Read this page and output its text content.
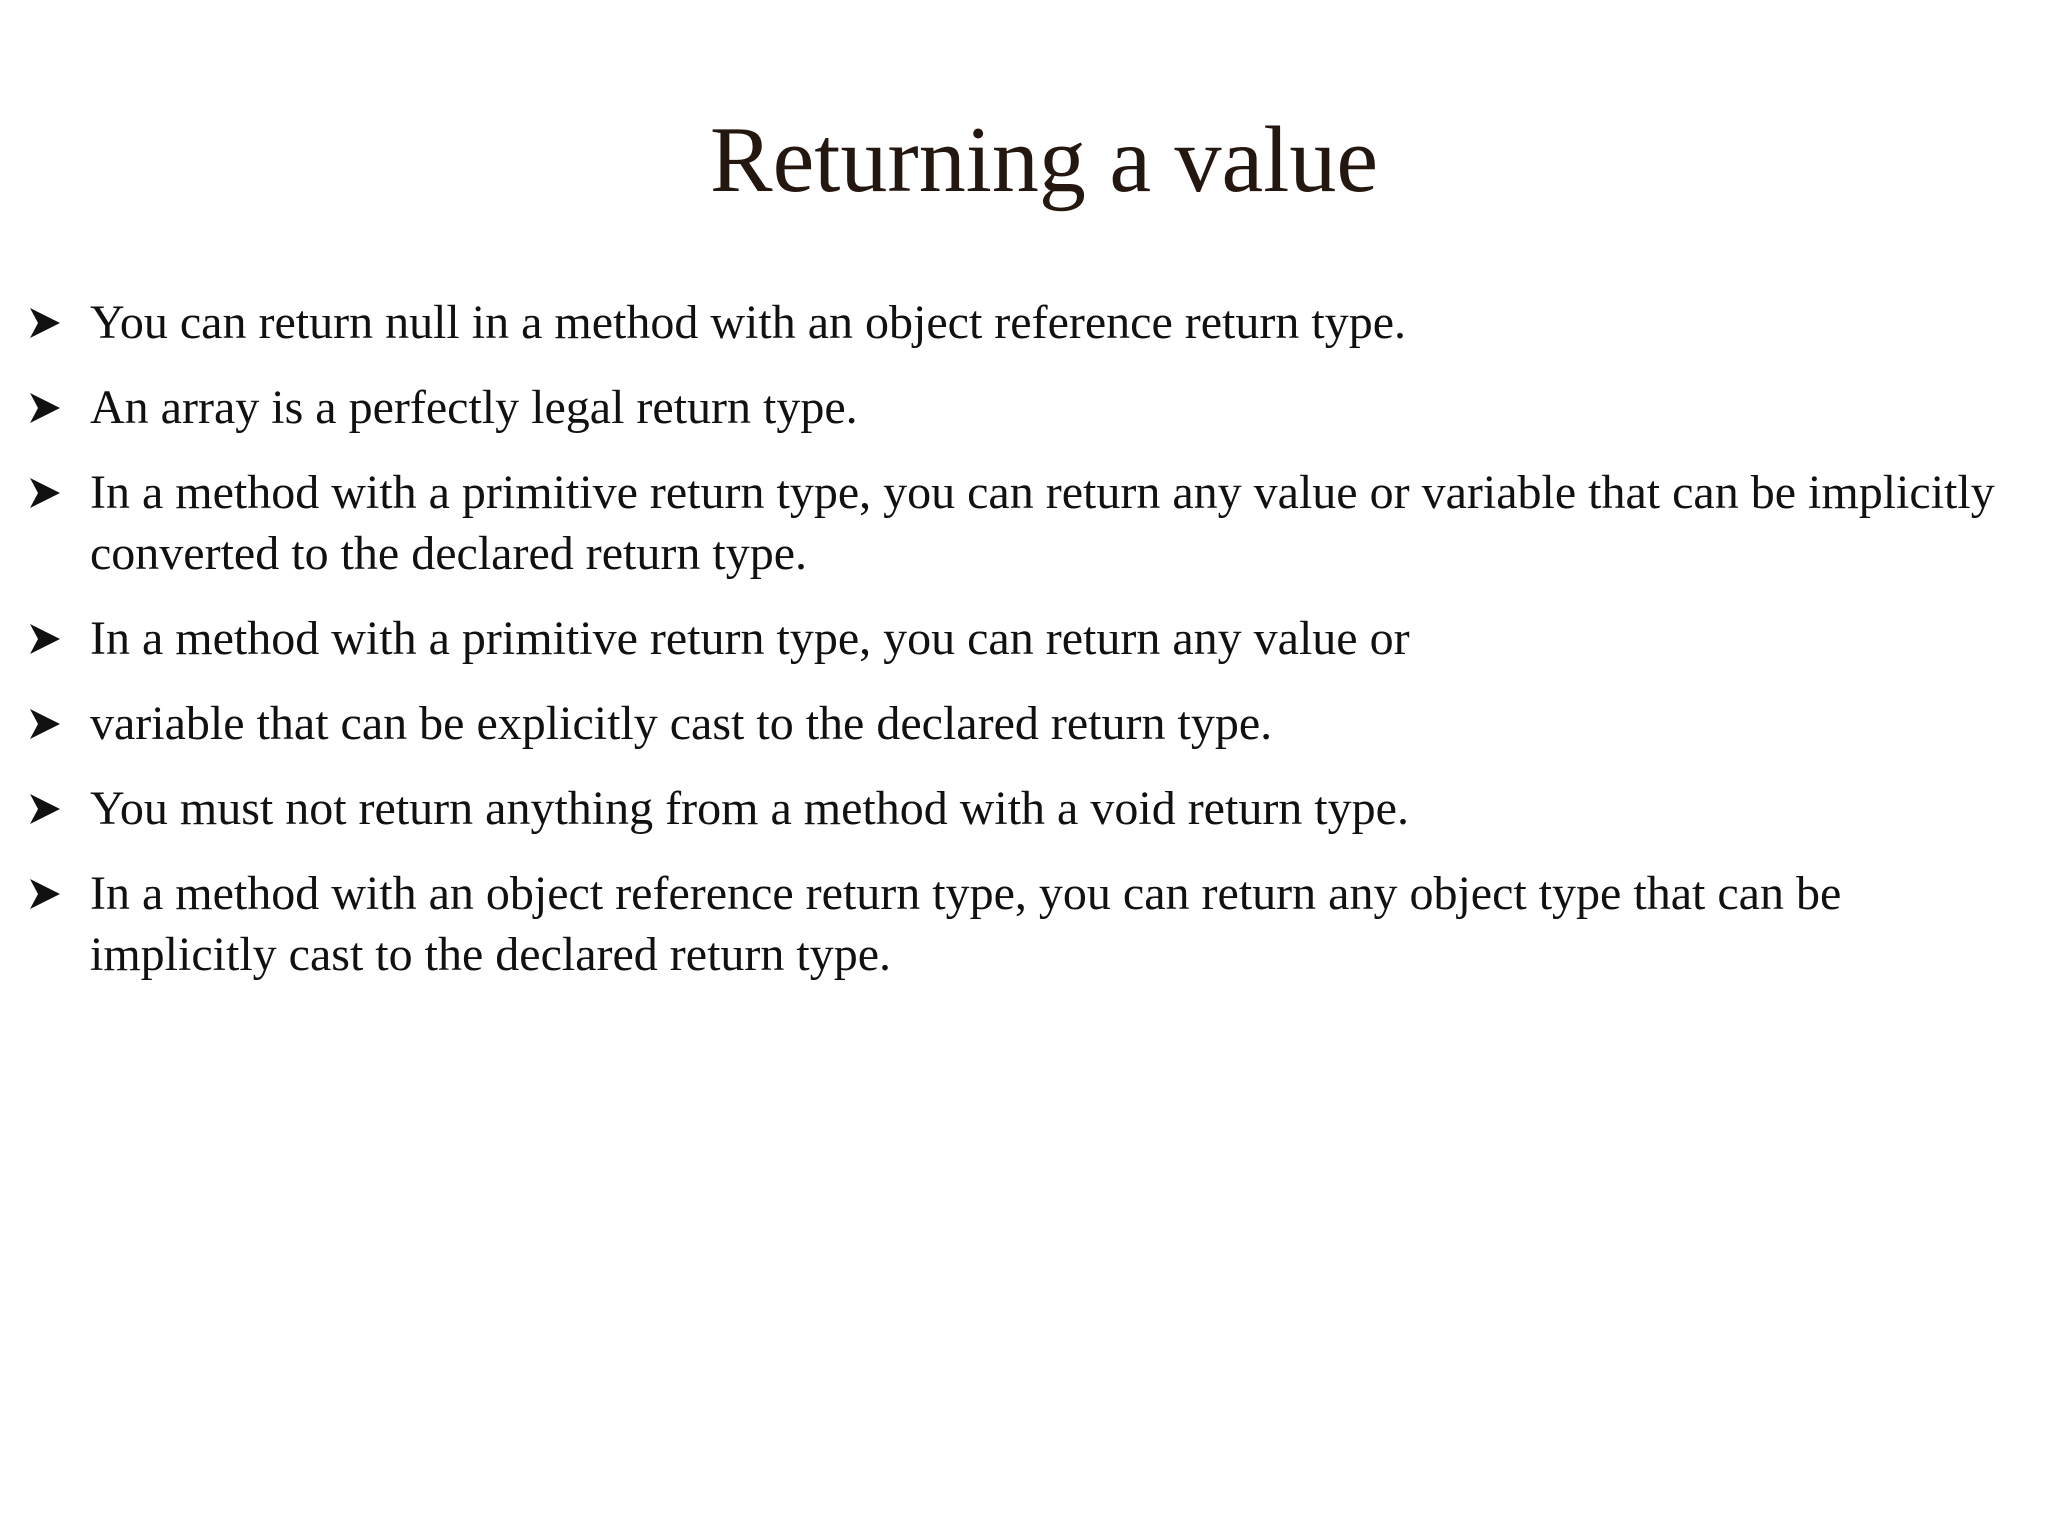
Returning a value
You can return null in a method with an object reference return type.
An array is a perfectly legal return type.
In a method with a primitive return type, you can return any value or variable that can be implicitly converted to the declared return type.
In a method with a primitive return type, you can return any value or
variable that can be explicitly cast to the declared return type.
You must not return anything from a method with a void return type.
In a method with an object reference return type, you can return any object type that can be implicitly cast to the declared return type.
